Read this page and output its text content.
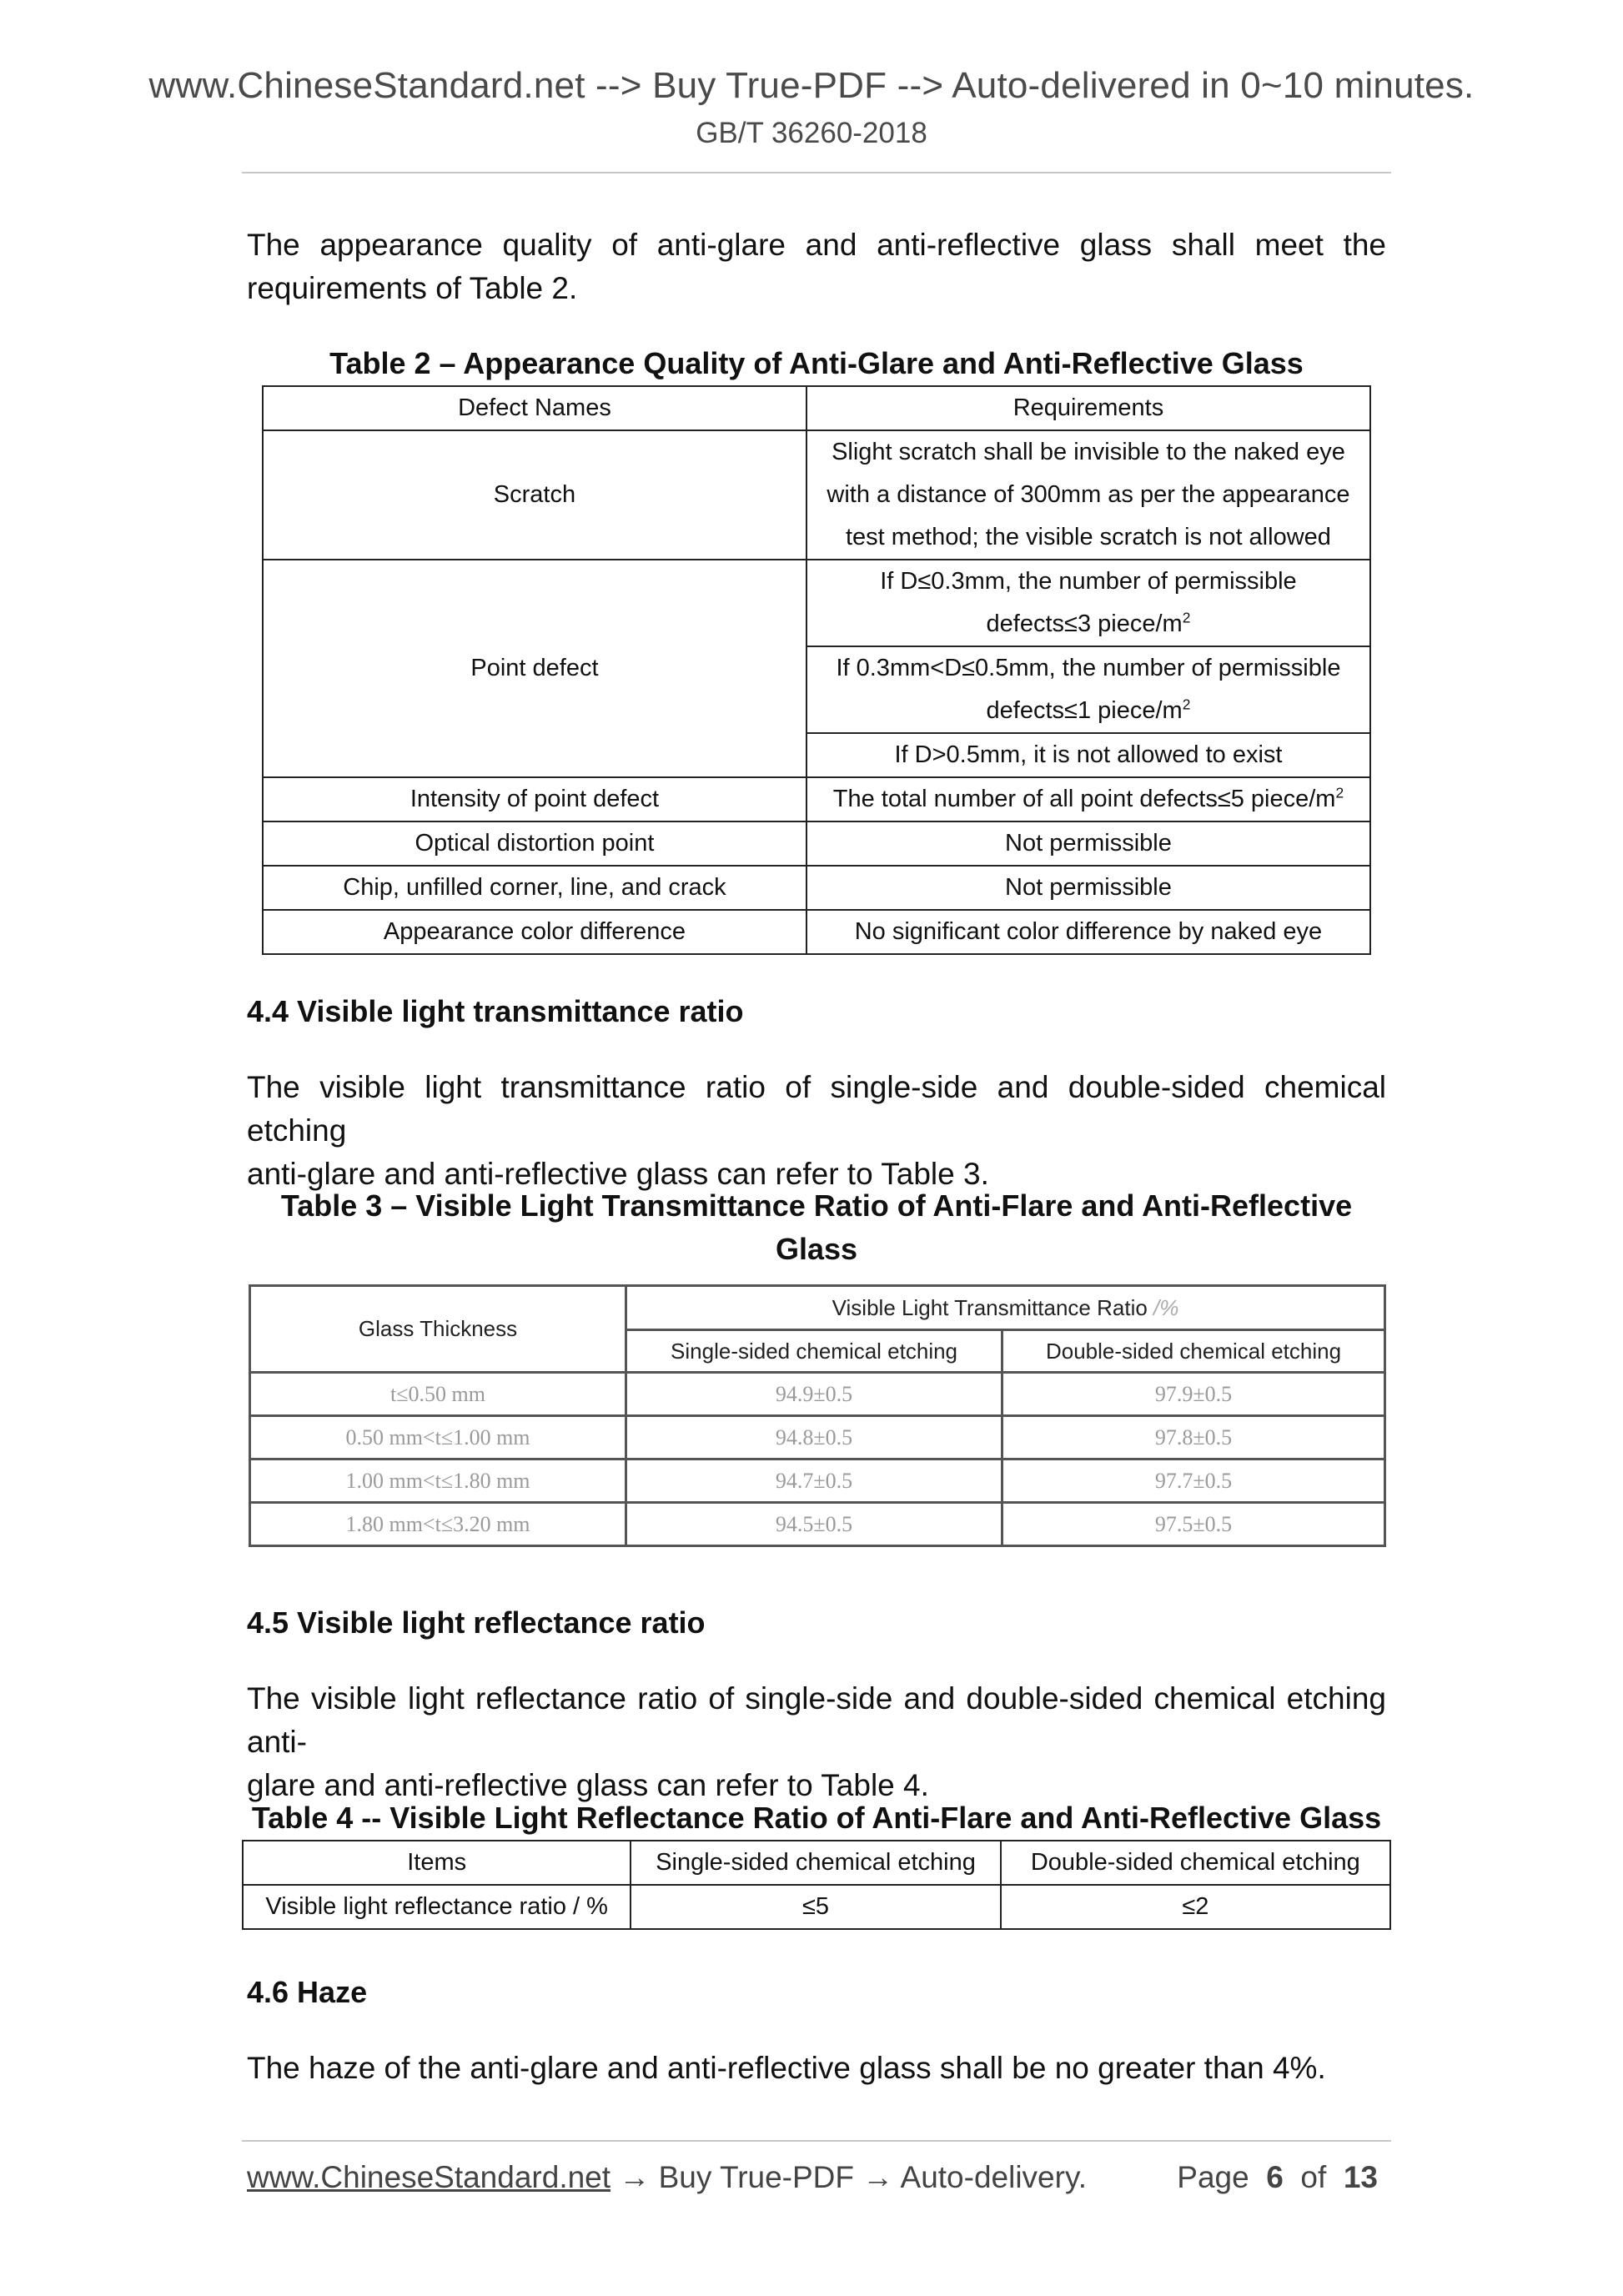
www.ChineseStandard.net --> Buy True-PDF --> Auto-delivered in 0~10 minutes.
GB/T 36260-2018
The appearance quality of anti-glare and anti-reflective glass shall meet the
requirements of Table 2.
Table 2 – Appearance Quality of Anti-Glare and Anti-Reflective Glass
Defect Names	Requirements
Scratch	Slight scratch shall be invisible to the naked eye
with a distance of 300mm as per the appearance
test method; the visible scratch is not allowed
Point defect	If D≤0.3mm, the number of permissible
defects≤3 piece/$m^2$
	If 0.3mm<D≤0.5mm, the number of permissible
defects≤1 piece/$m^2$
	If D>0.5mm, it is not allowed to exist
Intensity of point defect	The total number of all point defects≤5 piece/$m^2$
Optical distortion point	Not permissible
Chip, unfilled corner, line, and crack	Not permissible
Appearance color difference	No significant color difference by naked eye
4.4 Visible light transmittance ratio
The visible light transmittance ratio of single-side and double-sided chemical etching
anti-glare and anti-reflective glass can refer to Table 3.
Table 3 – Visible Light Transmittance Ratio of Anti-Flare and Anti-Reflective
Glass
Glass Thickness	Visible Light Transmittance Ratio /%	
	Single-sided chemical etching	Double-sided chemical etching
t≤0.50 mm	94.9±0.5	97.9±0.5
0.50 mm<t≤1.00 mm	94.8±0.5	97.8±0.5
1.00 mm<t≤1.80 mm	94.7±0.5	97.7±0.5
1.80 mm<t≤3.20 mm	94.5±0.5	97.5±0.5
4.5 Visible light reflectance ratio
The visible light reflectance ratio of single-side and double-sided chemical etching anti-
glare and anti-reflective glass can refer to Table 4.
Table 4 -- Visible Light Reflectance Ratio of Anti-Flare and Anti-Reflective Glass
Items	Single-sided chemical etching	Double-sided chemical etching
Visible light reflectance ratio / %	≤5	≤2
4.6 Haze
The haze of the anti-glare and anti-reflective glass shall be no greater than 4%.
www.ChineseStandard.net → Buy True-PDF → Auto-delivery.	Page 6 of 13
